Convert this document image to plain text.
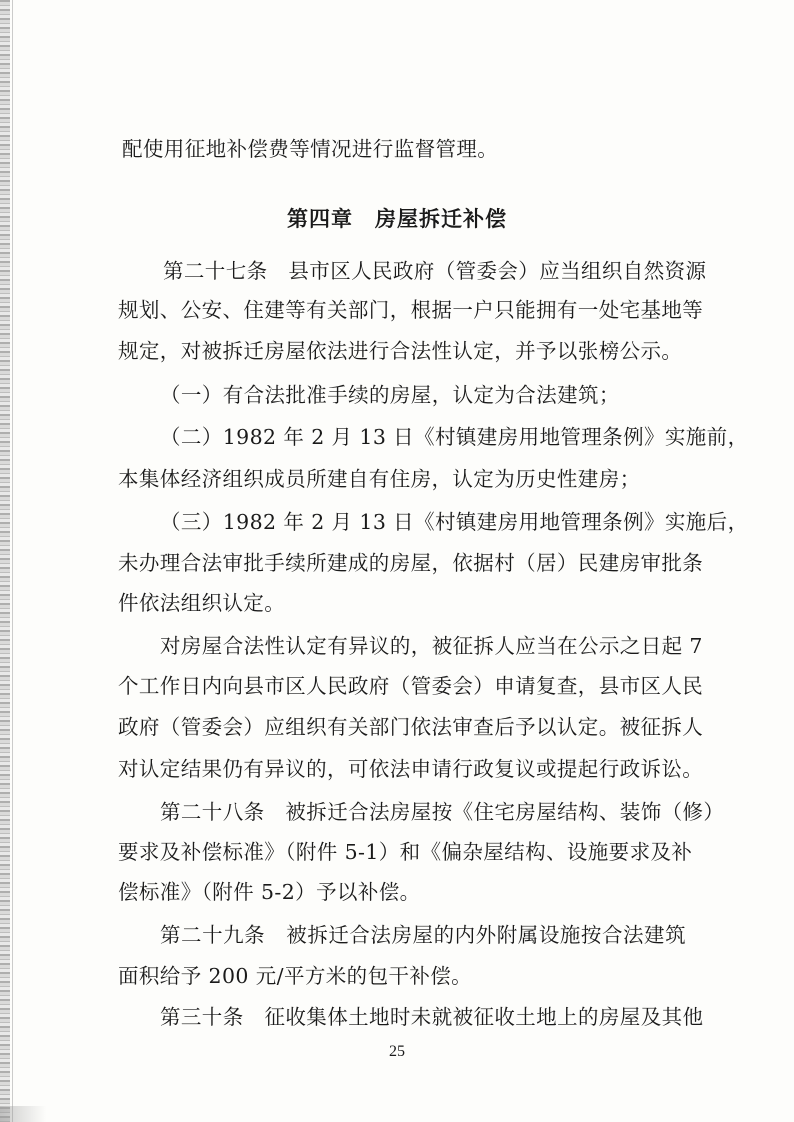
配使用征地补偿费等情况进行监督管理。
第四章　房屋拆迁补偿
第二十七条　县市区人民政府（管委会）应当组织自然资源
规划、公安、住建等有关部门，根据一户只能拥有一处宅基地等
规定，对被拆迁房屋依法进行合法性认定，并予以张榜公示。
（一）有合法批准手续的房屋，认定为合法建筑；
（二）1982 年 2 月 13 日《村镇建房用地管理条例》实施前，
本集体经济组织成员所建自有住房，认定为历史性建房；
（三）1982 年 2 月 13 日《村镇建房用地管理条例》实施后，
未办理合法审批手续所建成的房屋，依据村（居）民建房审批条
件依法组织认定。
对房屋合法性认定有异议的，被征拆人应当在公示之日起 7
个工作日内向县市区人民政府（管委会）申请复查，县市区人民
政府（管委会）应组织有关部门依法审查后予以认定。被征拆人
对认定结果仍有异议的，可依法申请行政复议或提起行政诉讼。
第二十八条　被拆迁合法房屋按《住宅房屋结构、装饰（修）
要求及补偿标准》（附件 5-1）和《偏杂屋结构、设施要求及补
偿标准》（附件 5-2）予以补偿。
第二十九条　被拆迁合法房屋的内外附属设施按合法建筑
面积给予 200 元/平方米的包干补偿。
第三十条　征收集体土地时未就被征收土地上的房屋及其他
25
